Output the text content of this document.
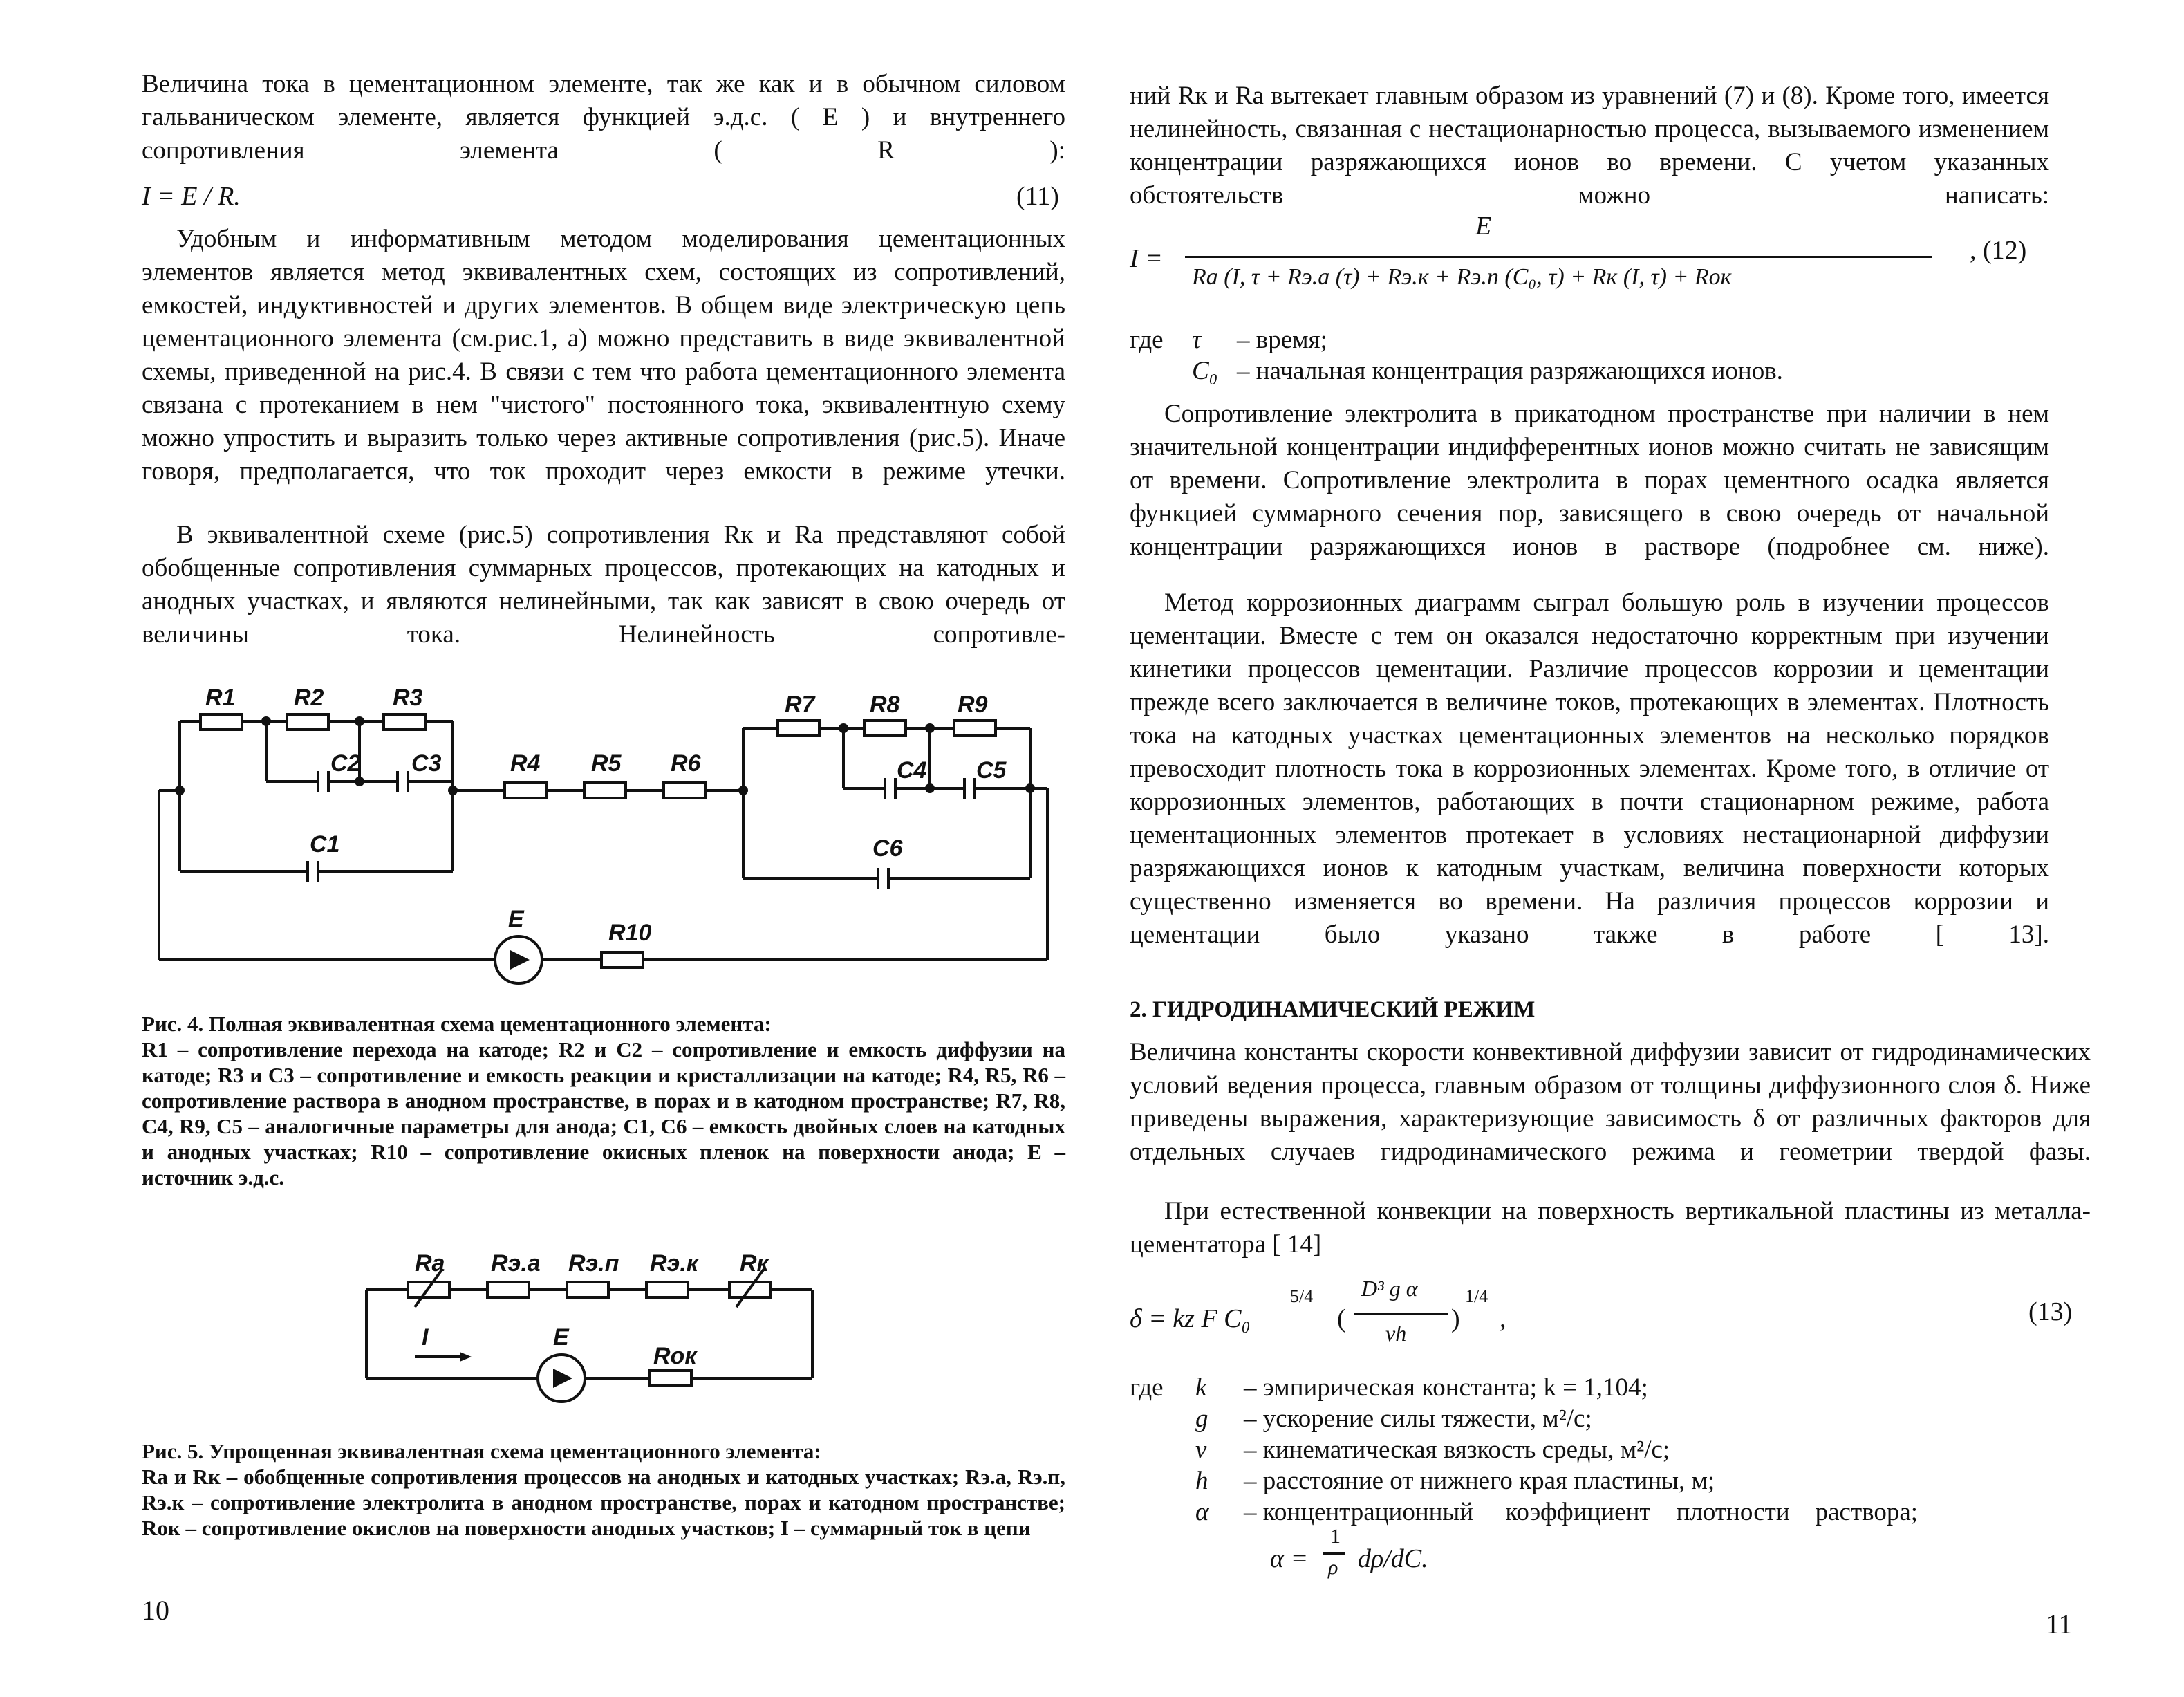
Величина тока в цементационном элементе, так же как и в обычном силовом гальваническом элементе, является функцией э.д.с. ( E ) и внутреннего сопротивления элемента ( R ):

I = E / R.	(11)

Удобным и информативным методом моделирования цементационных элементов является метод эквивалентных схем, состоящих из сопротивлений, емкостей, индуктивностей и других элементов. В общем виде электрическую цепь цементационного элемента (см.рис.1, a) можно представить в виде эквивалентной схемы, приведенной на рис.4. В связи с тем что работа цементационного элемента связана с протеканием в нем "чистого" постоянного тока, эквивалентную схему можно упростить и выразить только через активные сопротивления (рис.5). Иначе говоря, предполагается, что ток проходит через емкости в режиме утечки.

В эквивалентной схеме (рис.5) сопротивления Rк и Rа представляют собой обобщенные сопротивления суммарных процессов, протекающих на катодных и анодных участках, и являются нелинейными, так как зависят в свою очередь от величины тока. Нелинейность сопротивле-

R1 R2	R3
C2 C3
C1
R4 R5 R6
R7 R8 R9
C4 C5
C6
E
R10
Рис. 4. Полная эквивалентная схема цементационного элемента:

R1 – сопротивление перехода на катоде; R2 и C2 – сопротивление и емкость диффузии на катоде; R3 и C3 – сопротивление и емкость реакции и кристаллизации на катоде; R4, R5, R6 – сопротивление раствора в анодном пространстве, в порах и в катодном пространстве; R7, R8, C4, R9, C5 – аналогичные параметры для анода; C1, C6 – емкость двойных слоев на катодных и анодных участках; R10 – сопротивление окисных пленок на поверхности анода; E – источник э.д.с.

Rа Rэ.а Rэ.п Rэ.к Rк
E
Rок
I
Рис. 5. Упрощенная эквивалентная схема цементационного элемента:

Rа и Rк – обобщенные сопротивления процессов на анодных и катодных участках; Rэ.а, Rэ.п, Rэ.к – сопротивление электролита в анодном пространстве, порах и катодном пространстве; Rок – сопротивление окислов на поверхности анодных участков; I – суммарный ток в цепи

10

ний Rк и Rа вытекает главным образом из уравнений (7) и (8). Кроме того, имеется нелинейность, связанная с нестационарностью процесса, вызываемого изменением концентрации разряжающихся ионов во времени. С учетом указанных обстоятельств можно написать:

I =
E
Rа (I, τ + Rэ.а (τ) + Rэ.к + Rэ.п (C₀, τ) + Rк (I, τ) + Rок
, (12)
где τ – время;
C₀ – начальная концентрация разряжающихся ионов.

Сопротивление электролита в прикатодном пространстве при наличии в нем значительной концентрации индифферентных ионов можно считать не зависящим от времени. Сопротивление электролита в порах цементного осадка является функцией суммарного сечения пор, зависящего в свою очередь от начальной концентрации разряжающихся ионов в растворе (подробнее см. ниже).

Метод коррозионных диаграмм сыграл большую роль в изучении процессов цементации. Вместе с тем он оказался недостаточно корректным при изучении кинетики процессов цементации. Различие процессов коррозии и цементации прежде всего заключается в величине токов, протекающих в элементах. Плотность тока на катодных участках цементационных элементов на несколько порядков превосходит плотность тока в коррозионных элементах. Кроме того, в отличие от коррозионных элементов, работающих в почти стационарном режиме, работа цементационных элементов протекает в условиях нестационарной диффузии разряжающихся ионов к катодным участкам, величина поверхности которых существенно изменяется во времени. На различия процессов коррозии и цементации было указано также в работе [ 13].

2. ГИДРОДИНАМИЧЕСКИЙ РЕЖИМ

Величина константы скорости конвективной диффузии зависит от гидродинамических условий ведения процесса, главным образом от толщины диффузионного слоя δ. Ниже приведены выражения, характеризующие зависимость δ от различных факторов для отдельных случаев гидродинамического режима и геометрии твердой фазы.

При естественной конвекции на поверхность вертикальной пластины из металла-цементатора [ 14]

δ = kz F C₀
5/4
(
D³ g α
νh )
1/4
,	(13)
где k – эмпирическая константа; k = 1,104;
g – ускорение силы тяжести, м²/с;
ν – кинематическая вязкость среды, м²/с;
h – расстояние от нижнего края пластины, м;
α – концентрационный     коэффициент    плотности    раствора;
α =
1
ρ dρ/dC.
11
